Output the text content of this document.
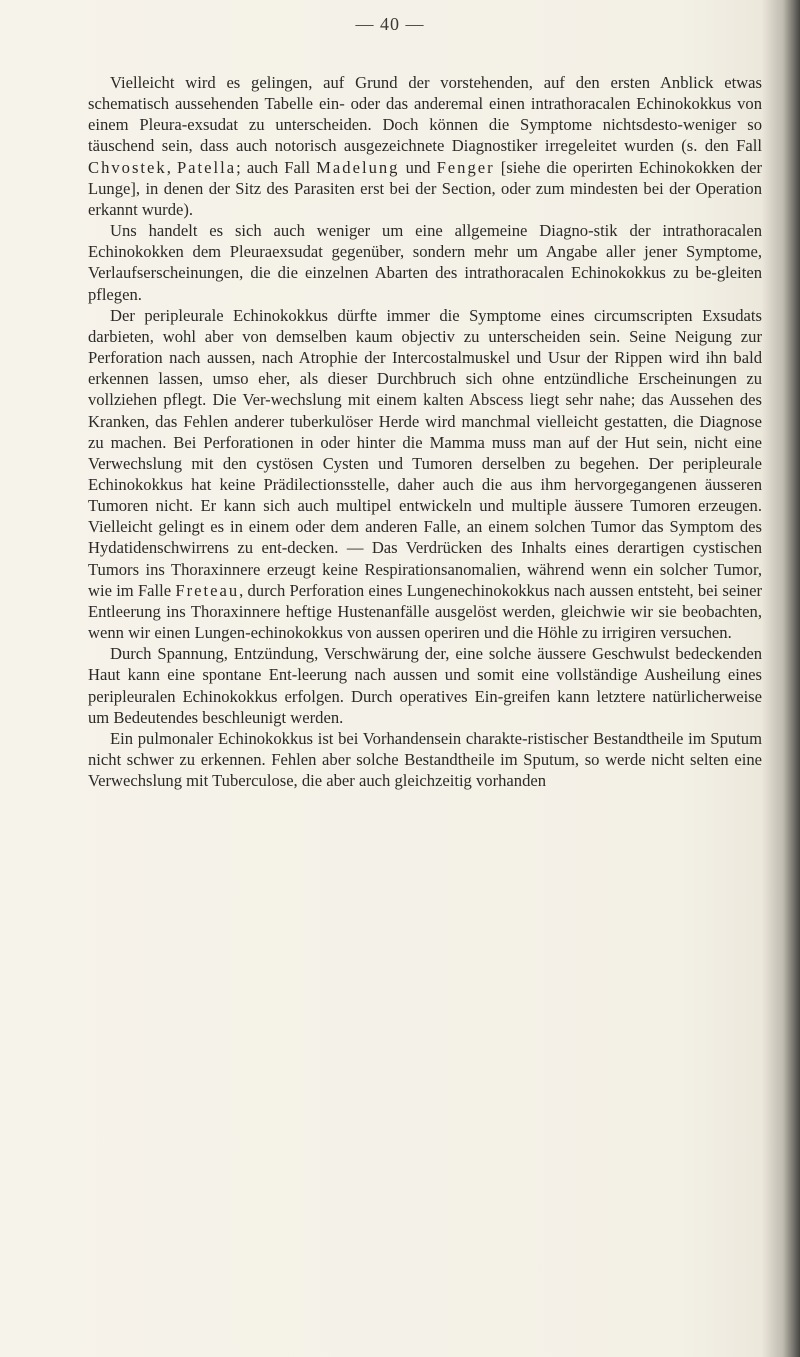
— 40 —

Vielleicht wird es gelingen, auf Grund der vorstehenden, auf den ersten Anblick etwas schematisch aussehenden Tabelle ein- oder das anderemal einen intrathoracalen Echinokokkus von einem Pleura-exsudat zu unterscheiden. Doch können die Symptome nichtsdesto-weniger so täuschend sein, dass auch notorisch ausgezeichnete Diagnostiker irregeleitet wurden (s. den Fall Chvostek, Patella; auch Fall Madelung und Fenger [siehe die operirten Echinokokken der Lunge], in denen der Sitz des Parasiten erst bei der Section, oder zum mindesten bei der Operation erkannt wurde).

Uns handelt es sich auch weniger um eine allgemeine Diagno-stik der intrathoracalen Echinokokken dem Pleuraexsudat gegenüber, sondern mehr um Angabe aller jener Symptome, Verlaufserscheinungen, die die einzelnen Abarten des intrathoracalen Echinokokkus zu be-gleiten pflegen.

Der peripleurale Echinokokkus dürfte immer die Symptome eines circumscripten Exsudats darbieten, wohl aber von demselben kaum objectiv zu unterscheiden sein. Seine Neigung zur Perforation nach aussen, nach Atrophie der Intercostalmuskel und Usur der Rippen wird ihn bald erkennen lassen, umso eher, als dieser Durchbruch sich ohne entzündliche Erscheinungen zu vollziehen pflegt. Die Ver-wechslung mit einem kalten Abscess liegt sehr nahe; das Aussehen des Kranken, das Fehlen anderer tuberkulöser Herde wird manchmal vielleicht gestatten, die Diagnose zu machen. Bei Perforationen in oder hinter die Mamma muss man auf der Hut sein, nicht eine Verwechslung mit den cystösen Cysten und Tumoren derselben zu begehen. Der peripleurale Echinokokkus hat keine Prädilectionsstelle, daher auch die aus ihm hervorgegangenen äusseren Tumoren nicht. Er kann sich auch multipel entwickeln und multiple äussere Tumoren erzeugen. Vielleicht gelingt es in einem oder dem anderen Falle, an einem solchen Tumor das Symptom des Hydatidenschwirrens zu ent-decken. — Das Verdrücken des Inhalts eines derartigen cystischen Tumors ins Thoraxinnere erzeugt keine Respirationsanomalien, während wenn ein solcher Tumor, wie im Falle Freteau, durch Perforation eines Lungenechinokokkus nach aussen entsteht, bei seiner Entleerung ins Thoraxinnere heftige Hustenanfälle ausgelöst werden, gleichwie wir sie beobachten, wenn wir einen Lungen-echinokokkus von aussen operiren und die Höhle zu irrigiren versuchen.

Durch Spannung, Entzündung, Verschwärung der, eine solche äussere Geschwulst bedeckenden Haut kann eine spontane Ent-leerung nach aussen und somit eine vollständige Ausheilung eines peripleuralen Echinokokkus erfolgen. Durch operatives Ein-greifen kann letztere natürlicherweise um Bedeutendes beschleunigt werden.

Ein pulmonaler Echinokokkus ist bei Vorhandensein charakte-ristischer Bestandtheile im Sputum nicht schwer zu erkennen. Fehlen aber solche Bestandtheile im Sputum, so werde nicht selten eine Verwechslung mit Tuberculose, die aber auch gleichzeitig vorhanden
